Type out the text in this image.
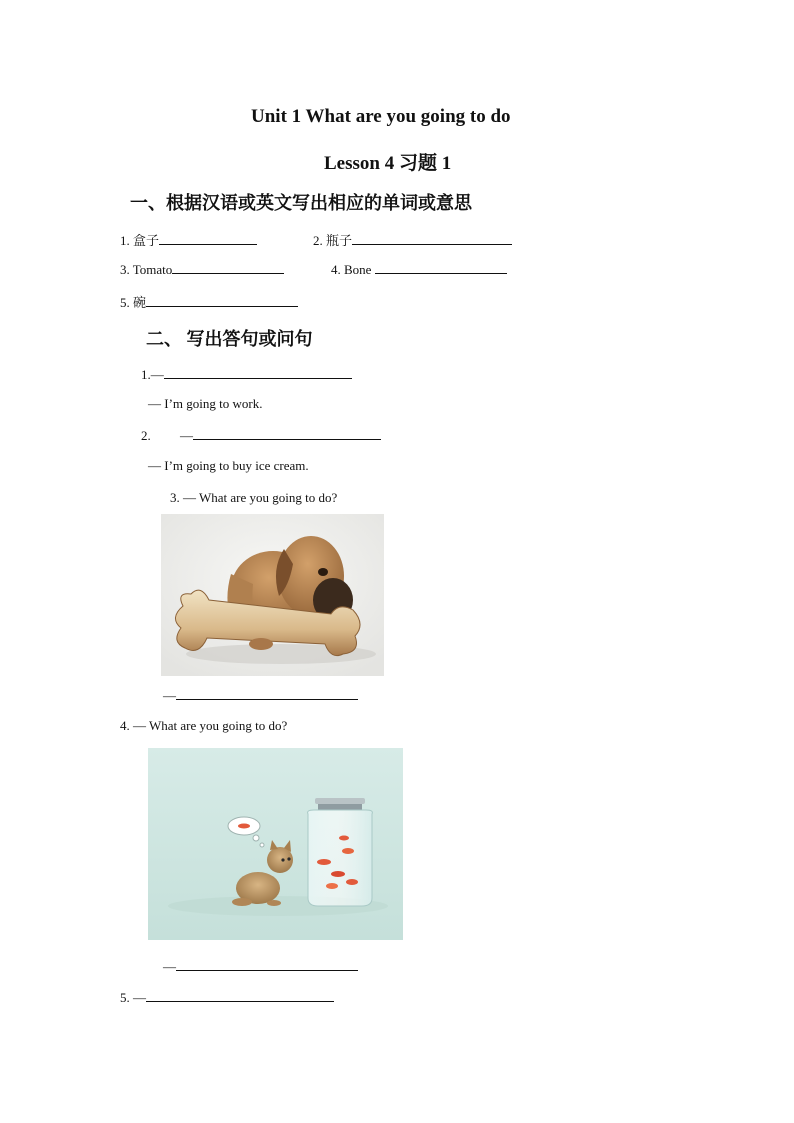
Unit 1 What are you going to do
Lesson 4 习题 1
一、根据汉语或英文写出相应的单词或意思
1. 盒子	2. 瓶子
3. Tomato	4. Bone
5. 碗
二、 写出答句或问句
1.—
— I’m going to work.
2. —
— I’m going to buy ice cream.
3. — What are you going to do?
—
4. — What are you going to do?
—
5. —
